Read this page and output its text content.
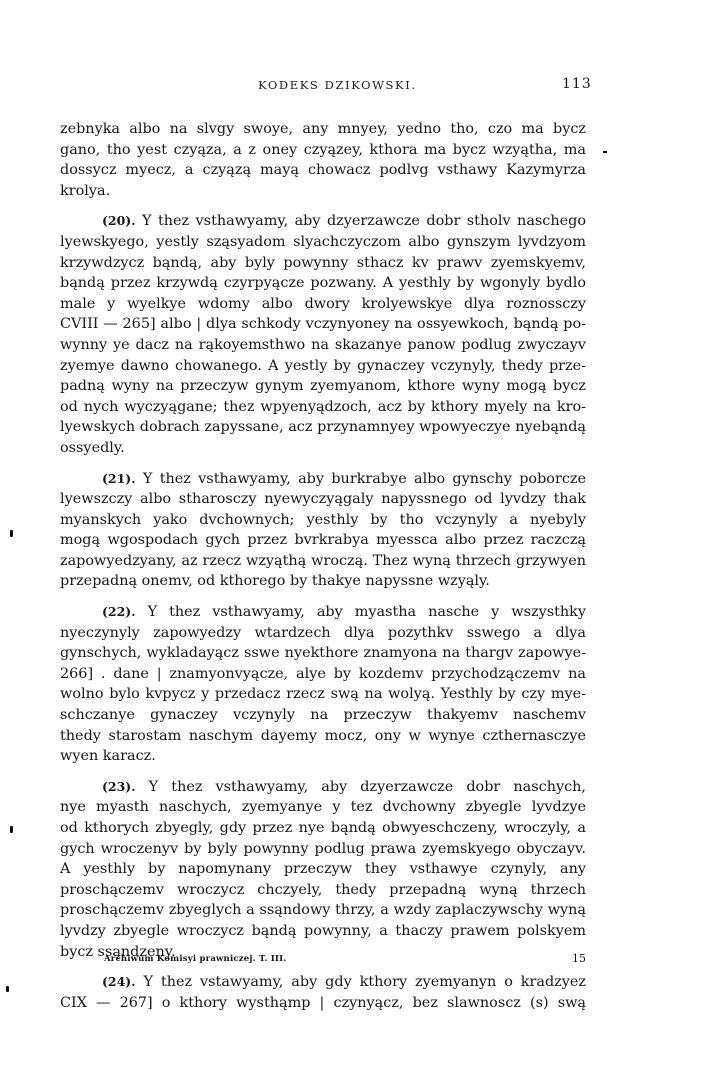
KODEKS DZIKOWSKI.	113
zebnyka albo na slvgy swoye, any mnyey, yedno tho, czo ma bycz
gano, tho yest czyąza, a z oney czyązey, kthora ma bycz wzyątha, ma
dossycz myecz, a czyązą mayą chowacz podlvg vsthawy Kazymyrza
krolya.
(20). Y thez vsthawyamy, aby dzyerzawcze dobr stholv naschego
lyewskyego, yestly sząsyadom slyachczyczom albo gynszym lyvdzyom
krzywdzycz bąndą, aby byly powynny sthacz kv prawv zyemskyemv,
bąndą przez krzywdą czyrpyącze pozwany. A yesthly by wgonyly bydlo
male y wyelkye wdomy albo dwory krolyewskye dlya roznossczy
CVIII — 265] albo | dlya schkody vczynyoney na ossyewkoch, bąndą po-
wynny ye dacz na rąkoyemsthwo na skazanye panow podlug zwyczayv
zyemye dawno chowanego. A yestly by gynaczey vczynyly, thedy prze-
padną wyny na przeczyw gynym zyemyanom, kthore wyny mogą bycz
od nych wyczyągane; thez wpyenyądzoch, acz by kthory myely na kro-
lyewskych dobrach zapyssane, acz przynamnyey wpowyeczye nyebąndą
ossyedly.
(21). Y thez vsthawyamy, aby burkrabye albo gynschy poborcze
lyewszczy albo stharosczy nyewyczyągaly napyssnego od lyvdzy thak
myanskych yako dvchownych; yesthly by tho vczynyly a nyebyly
mogą wgospodach gych przez bvrkrabya myessca albo przez raczczą
zapowyedzyany, az rzecz wzyąthą wroczą. Thez wyną thrzech grzywyen
przepadną onemv, od kthorego by thakye napyssne wzyąly.
(22). Y thez vsthawyamy, aby myastha nasche y wszysthky
nyeczynyly zapowyedzy wtardzech dlya pozythkv sswego a dlya
gynschych, wykladayącz sswe nyekthore znamyona na thargv zapowye-
266] . dane | znamyonvyącze, alye by kozdemv przychodzączemv na
wolno bylo kvpycz y przedacz rzecz swą na wolyą. Yesthly by czy mye-
schczanye gynaczey vczynyly na przeczyw thakyemv naschemv
thedy starostam naschym dayemy mocz, ony w wynye czthernasczye
wyen karacz.
(23). Y thez vsthawyamy, aby dzyerzawcze dobr naschych,
nye myasth naschych, zyemyanye y tez dvchowny zbyegle lyvdzye
od kthorych zbyegly, gdy przez nye bąndą obwyeschczeny, wroczyly, a
gych wroczenyv by byly powynny podlug prawa zyemskyego obyczayv.
A yesthly by napomynany przeczyw they vsthawye czynyly, any
proschączemv wroczycz chczyely, thedy przepadną wyną thrzech
proschączemv zbyeglych a ssąndowy thrzy, a wzdy zaplaczywschy wyną
lyvdzy zbyegle wroczycz bąndą powynny, a thaczy prawem polskyem
bycz ssąndzeny.
(24). Y thez vstawyamy, aby gdy kthory zyemyanyn o kradzyez
CIX — 267] o kthory wysthąmp | czynyącz, bez slawnoscz (s) swą
Archiwum Komisyi prawniczej. T. III.	15
